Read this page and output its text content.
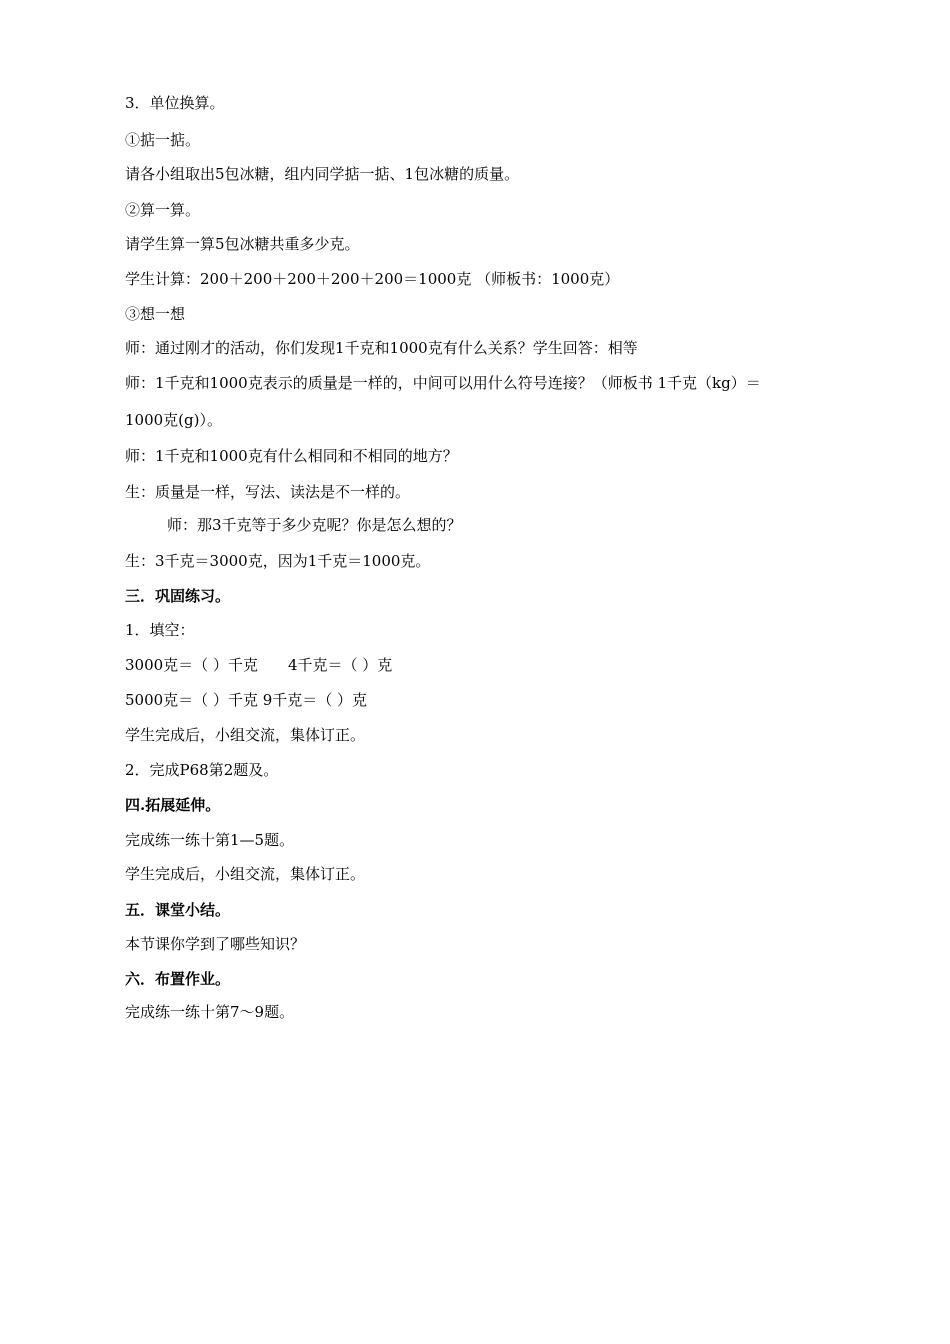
3．单位换算。
①掂一掂。
请各小组取出5包冰糖，组内同学掂一掂、1包冰糖的质量。
②算一算。
请学生算一算5包冰糖共重多少克。
学生计算：200＋200＋200＋200＋200＝1000克 （师板书：1000克）
③想一想
师：通过刚才的活动，你们发现1千克和1000克有什么关系？学生回答：相等
师：1千克和1000克表示的质量是一样的，中间可以用什么符号连接？（师板书 1千克（kg）＝
1000克(g)）。
师：1千克和1000克有什么相同和不相同的地方？
生：质量是一样，写法、读法是不一样的。
师：那3千克等于多少克呢？你是怎么想的？
生：3千克＝3000克，因为1千克＝1000克。
三．巩固练习。
1．填空：
3000克＝（ ）千克 4千克＝（ ）克
5000克＝（ ）千克 9千克＝（ ）克
学生完成后，小组交流，集体订正。
2．完成P68第2题及。
四.拓展延伸。
完成练一练十第1—5题。
学生完成后，小组交流，集体订正。
五．课堂小结。
本节课你学到了哪些知识？
六．布置作业。
完成练一练十第7～9题。
